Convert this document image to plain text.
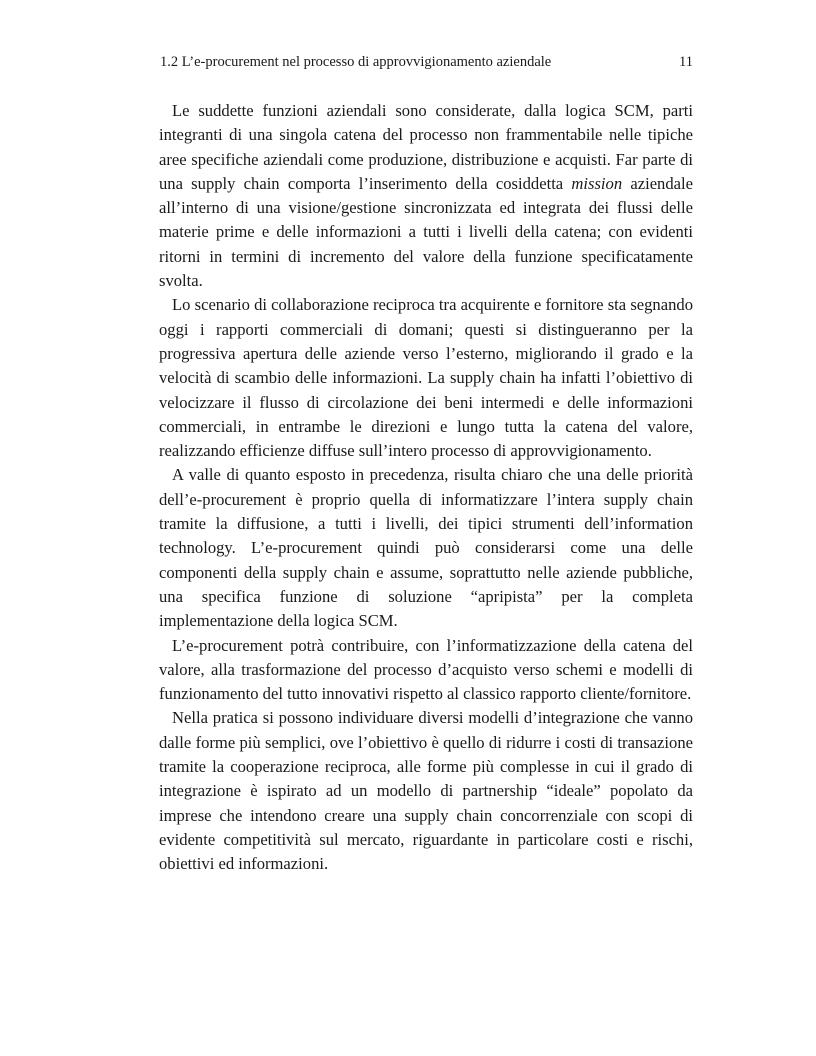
1.2 L’e-procurement nel processo di approvvigionamento aziendale	11

Le suddette funzioni aziendali sono considerate, dalla logica SCM, parti integranti di una singola catena del processo non frammentabile nelle tipiche aree specifiche aziendali come produzione, distribuzione e acquisti. Far parte di una supply chain comporta l’inserimento della cosiddetta mission aziendale all’interno di una visione/gestione sincronizzata ed integrata dei flussi delle materie prime e delle informazioni a tutti i livelli della catena; con evidenti ritorni in termini di incremento del valore della funzione specificatamente svolta.

Lo scenario di collaborazione reciproca tra acquirente e fornitore sta segnando oggi i rapporti commerciali di domani; questi si distingueranno per la progressiva apertura delle aziende verso l’esterno, migliorando il grado e la velocità di scambio delle informazioni. La supply chain ha infatti l’obiettivo di velocizzare il flusso di circolazione dei beni intermedi e delle informazioni commerciali, in entrambe le direzioni e lungo tutta la catena del valore, realizzando efficienze diffuse sull’intero processo di approvvigionamento.

A valle di quanto esposto in precedenza, risulta chiaro che una delle priorità dell’e-procurement è proprio quella di informatizzare l’intera supply chain tramite la diffusione, a tutti i livelli, dei tipici strumenti dell’information technology. L’e-procurement quindi può considerarsi come una delle componenti della supply chain e assume, soprattutto nelle aziende pubbliche, una specifica funzione di soluzione “apripista” per la completa implementazione della logica SCM.

L’e-procurement potrà contribuire, con l’informatizzazione della catena del valore, alla trasformazione del processo d’acquisto verso schemi e modelli di funzionamento del tutto innovativi rispetto al classico rapporto cliente/fornitore.

Nella pratica si possono individuare diversi modelli d’integrazione che vanno dalle forme più semplici, ove l’obiettivo è quello di ridurre i costi di transazione tramite la cooperazione reciproca, alle forme più complesse in cui il grado di integrazione è ispirato ad un modello di partnership “ideale” popolato da imprese che intendono creare una supply chain concorrenziale con scopi di evidente competitività sul mercato, riguardante in particolare costi e rischi, obiettivi ed informazioni.
